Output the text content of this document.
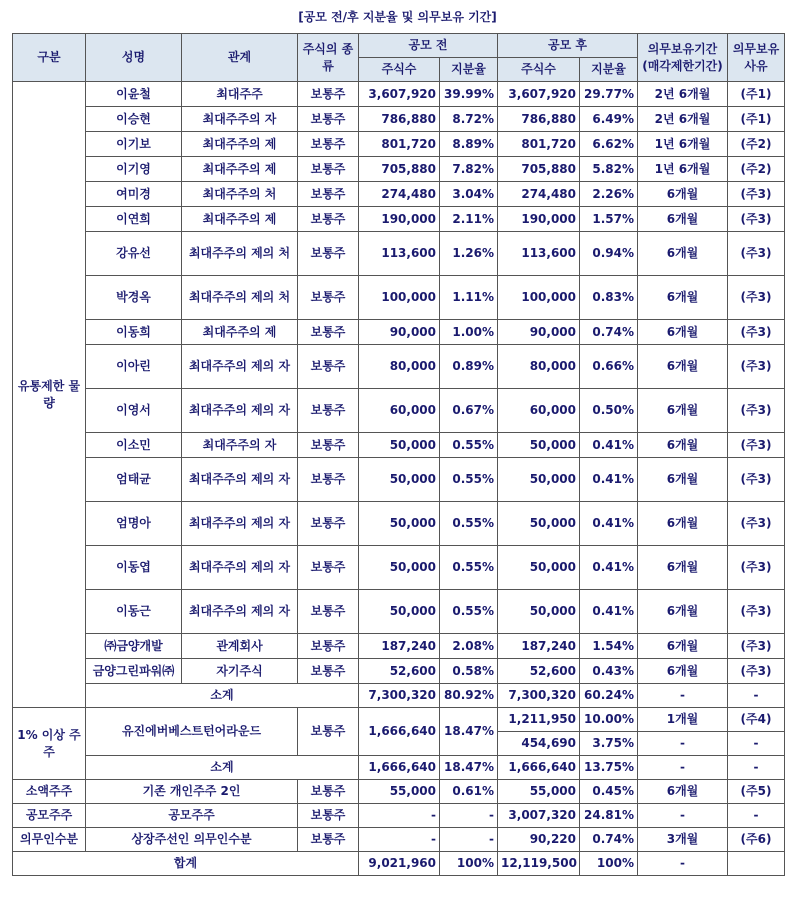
[공모 전/후 지분율 및 의무보유 기간]
구분	성명	관계	주식의 종류	공모 전		공모 후		의무보유기간 (매각제한기간)	의무보유 사유
				주식수	지분율	주식수	지분율		
유통제한 물량	이윤철	최대주주	보통주	3,607,920	39.99%	3,607,920	29.77%	2년 6개월	(주1)
	이승현	최대주주의 자	보통주	786,880	8.72%	786,880	6.49%	2년 6개월	(주1)
	이기보	최대주주의 제	보통주	801,720	8.89%	801,720	6.62%	1년 6개월	(주2)
	이기영	최대주주의 제	보통주	705,880	7.82%	705,880	5.82%	1년 6개월	(주2)
	여미경	최대주주의 처	보통주	274,480	3.04%	274,480	2.26%	6개월	(주3)
	이연희	최대주주의 제	보통주	190,000	2.11%	190,000	1.57%	6개월	(주3)
	강유선	최대주주의 제의 처	보통주	113,600	1.26%	113,600	0.94%	6개월	(주3)
	박경옥	최대주주의 제의 처	보통주	100,000	1.11%	100,000	0.83%	6개월	(주3)
	이동희	최대주주의 제	보통주	90,000	1.00%	90,000	0.74%	6개월	(주3)
	이아린	최대주주의 제의 자	보통주	80,000	0.89%	80,000	0.66%	6개월	(주3)
	이영서	최대주주의 제의 자	보통주	60,000	0.67%	60,000	0.50%	6개월	(주3)
	이소민	최대주주의 자	보통주	50,000	0.55%	50,000	0.41%	6개월	(주3)
	엄태균	최대주주의 제의 자	보통주	50,000	0.55%	50,000	0.41%	6개월	(주3)
	엄명아	최대주주의 제의 자	보통주	50,000	0.55%	50,000	0.41%	6개월	(주3)
	이동엽	최대주주의 제의 자	보통주	50,000	0.55%	50,000	0.41%	6개월	(주3)
	이동근	최대주주의 제의 자	보통주	50,000	0.55%	50,000	0.41%	6개월	(주3)
	㈜금양개발	관계회사	보통주	187,240	2.08%	187,240	1.54%	6개월	(주3)
	금양그린파워㈜	자기주식	보통주	52,600	0.58%	52,600	0.43%	6개월	(주3)
	소계			7,300,320	80.92%	7,300,320	60.24%	-	-
1% 이상 주주	유진에버베스트턴어라운드		보통주	1,666,640	18.47%	1,211,950	10.00%	1개월	(주4)
						454,690	3.75%	-	-
	소계			1,666,640	18.47%	1,666,640	13.75%	-	-
소액주주	기존 개인주주 2인		보통주	55,000	0.61%	55,000	0.45%	6개월	(주5)
공모주주	공모주주		보통주	-	-	3,007,320	24.81%	-	-
의무인수분	상장주선인 의무인수분		보통주	-	-	90,220	0.74%	3개월	(주6)
합계				9,021,960	100%	12,119,500	100%	-	
